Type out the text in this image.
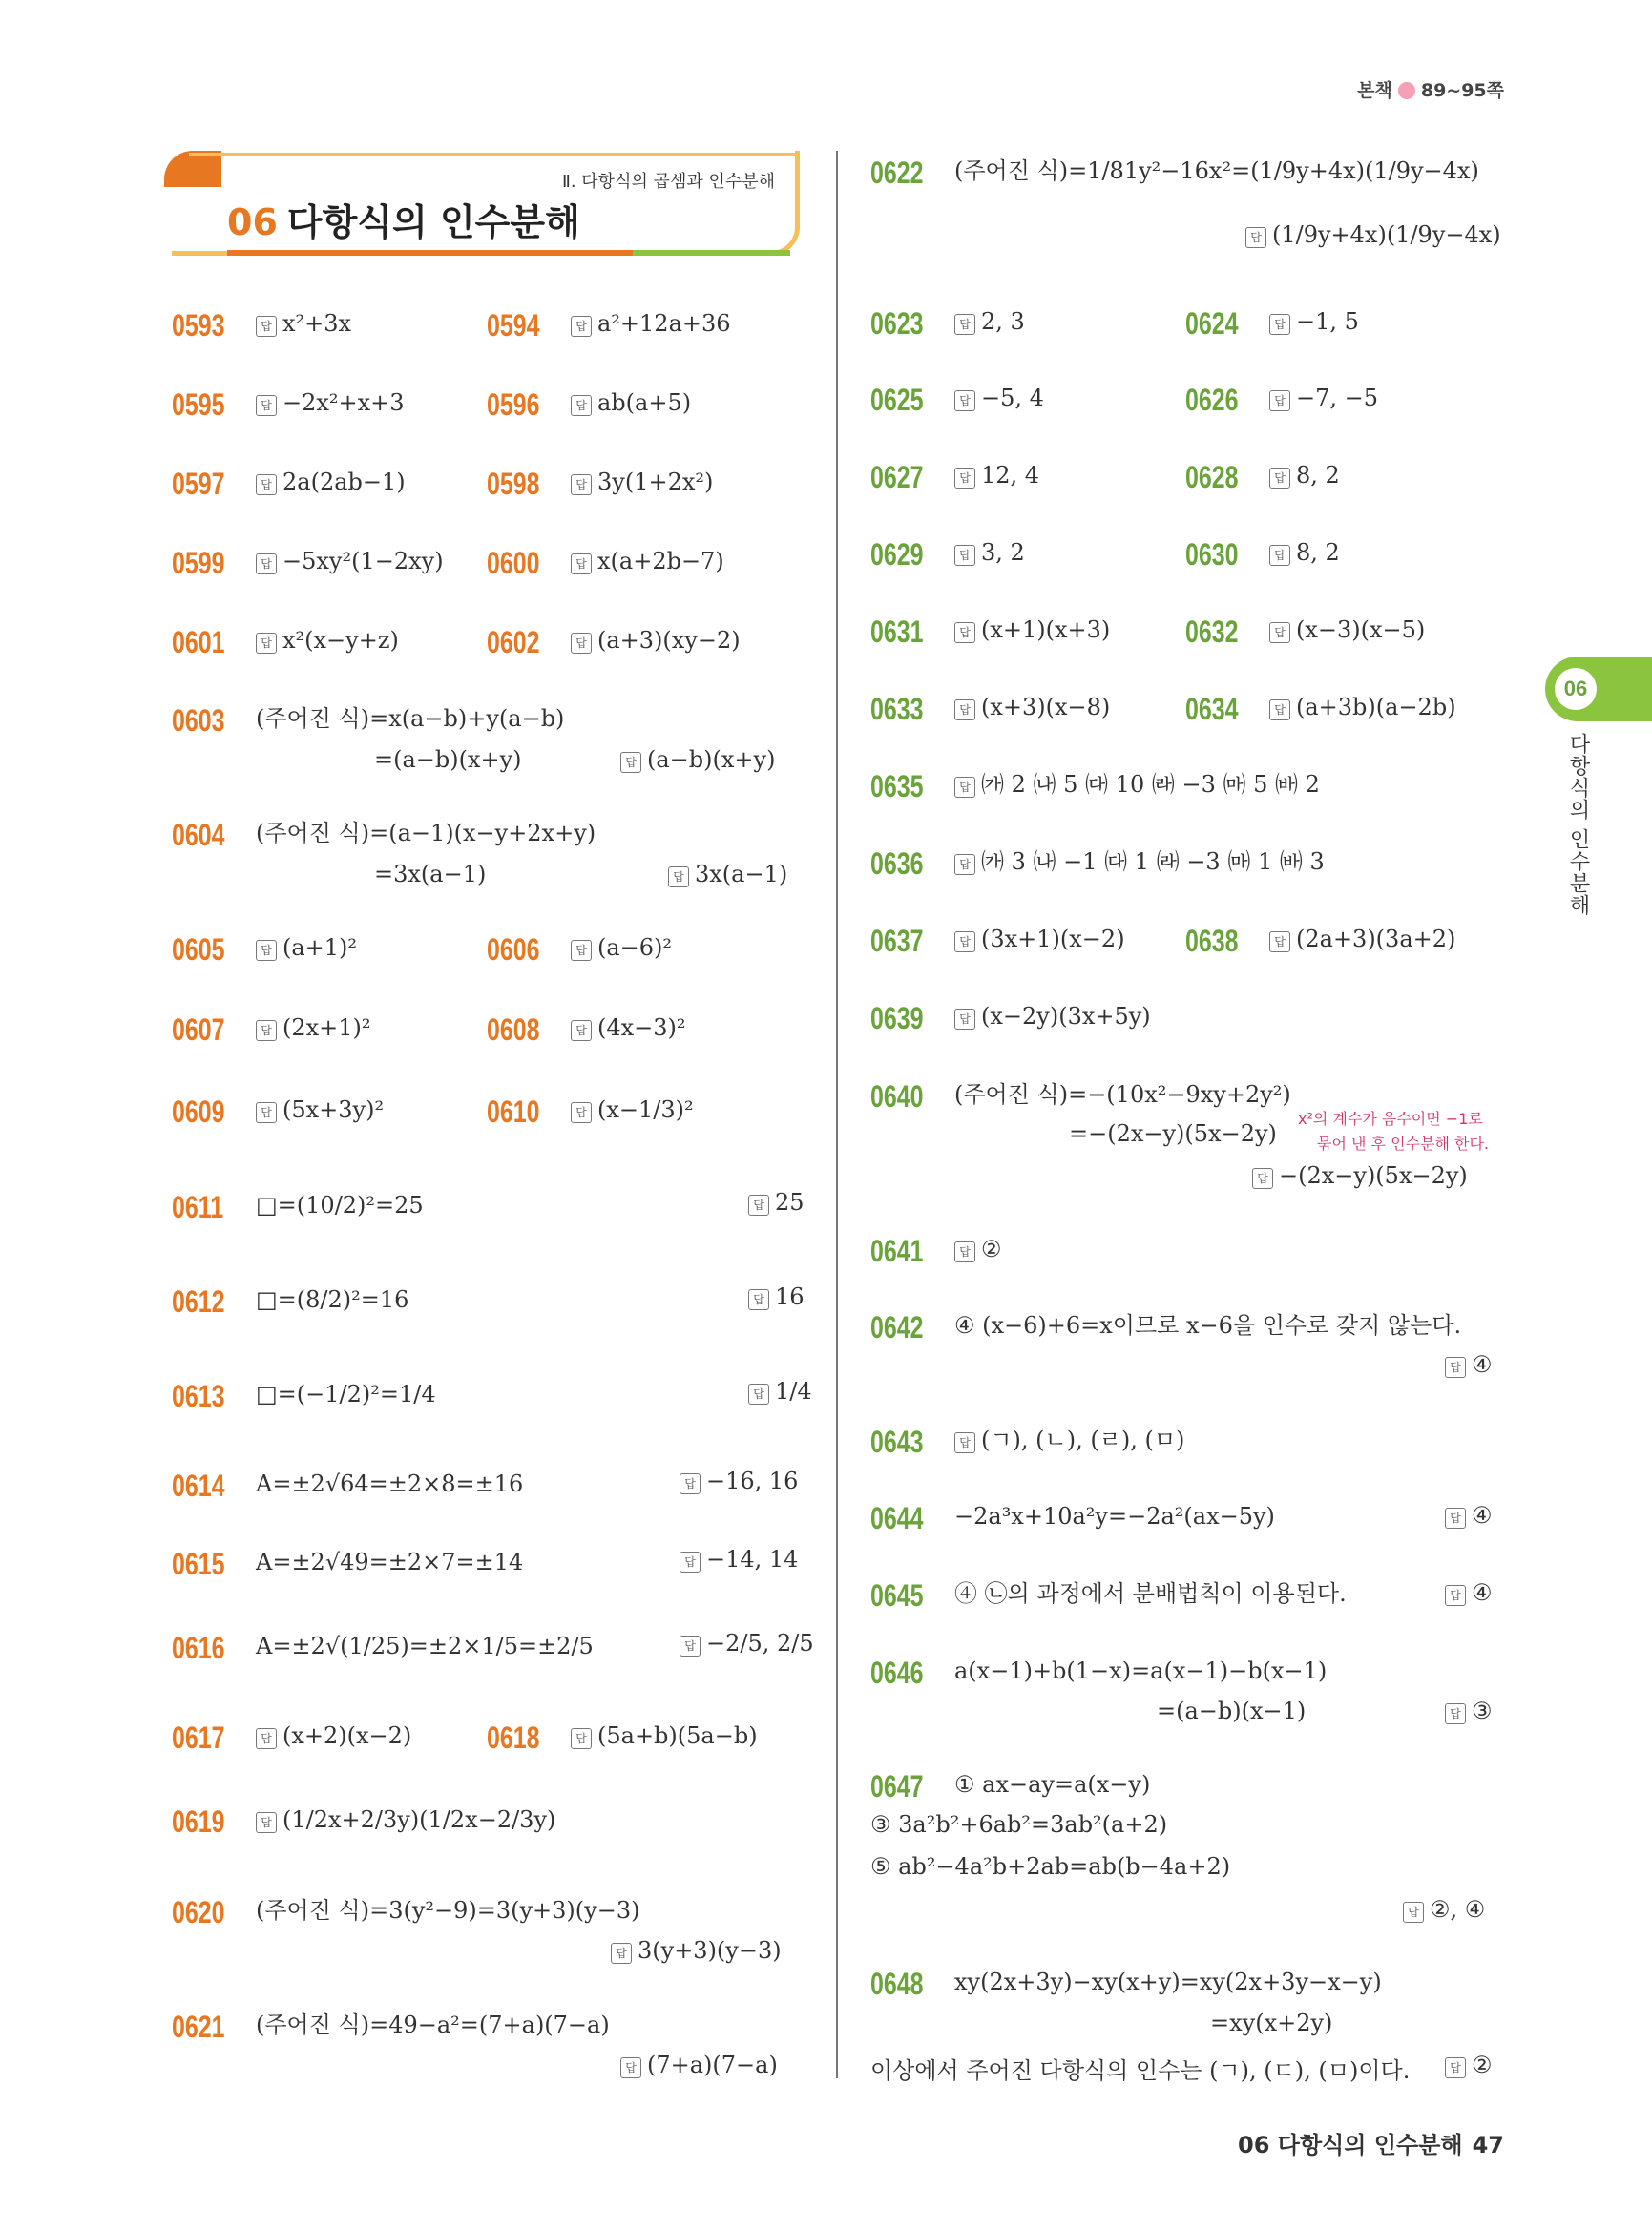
본책 89~95쪽
Ⅱ. 다항식의 곱셈과 인수분해
06 다항식의 인수분해
06
다항식의 인수분해
0593	답 x²+3x	0594	답 a²+12a+36
0595	답 −2x²+x+3	0596	답 ab(a+5)
0597	답 2a(2ab−1)	0598	답 3y(1+2x²)
0599	답 −5xy²(1−2xy) 0600	답 x(a+2b−7)
0601	답 x²(x−y+z)	0602	답 (a+3)(xy−2)
0603 (주어진 식)=x(a−b)+y(a−b)
=(a−b)(x+y)	답 (a−b)(x+y)
0604 (주어진 식)=(a−1)(x−y+2x+y)
=3x(a−1)	답 3x(a−1)
0605	답 (a+1)²	0606	답 (a−6)²
0607	답 (2x+1)²	0608	답 (4x−3)²
0609	답 (5x+3y)²	0610	답 (x−1/3)²
0611 □=(10/2)²=25	답 25
0612 □=(8/2)²=16	답 16
0613 □=(−1/2)²=1/4	답 1/4
0614 A=±2√64=±2×8=±16	답 −16, 16
0615 A=±2√49=±2×7=±14	답 −14, 14
0616 A=±2√(1/25)=±2×1/5=±2/5	답 −2/5, 2/5
0617	답 (x+2)(x−2) 0618	답 (5a+b)(5a−b)
0619	답 (1/2x+2/3y)(1/2x−2/3y)
0620 (주어진 식)=3(y²−9)=3(y+3)(y−3)
답 3(y+3)(y−3)
0621 (주어진 식)=49−a²=(7+a)(7−a)
답 (7+a)(7−a)
0622 (주어진 식)=1/81y²−16x²=(1/9y+4x)(1/9y−4x)
답 (1/9y+4x)(1/9y−4x)
0623	답 2, 3	0624	답 −1, 5
0625	답 −5, 4	0626	답 −7, −5
0627	답 12, 4	0628	답 8, 2
0629	답 3, 2	0630	답 8, 2
0631	답 (x+1)(x+3) 0632	답 (x−3)(x−5)
0633	답 (x+3)(x−8) 0634	답 (a+3b)(a−2b)
0635	답 ㈎ 2 ㈏ 5 ㈐ 10 ㈑ −3 ㈒ 5 ㈓ 2
0636	답 ㈎ 3 ㈏ −1 ㈐ 1 ㈑ −3 ㈒ 1 ㈓ 3
0637	답 (3x+1)(x−2) 0638	답 (2a+3)(3a+2)
0639	답 (x−2y)(3x+5y)
0640 (주어진 식)=−(10x²−9xy+2y²)
=−(2x−y)(5x−2y)
x²의 계수가 음수이면 −1로
묶어 낸 후 인수분해 한다.
답 −(2x−y)(5x−2y)
0641	답 ②
0642 ④ (x−6)+6=x이므로 x−6을 인수로 갖지 않는다.
답 ④
0643	답 (ㄱ), (ㄴ), (ㄹ), (ㅁ)
0644 −2a³x+10a²y=−2a²(ax−5y)	답 ④
0645 ④ ㉡의 과정에서 분배법칙이 이용된다.	답 ④
0646 a(x−1)+b(1−x)=a(x−1)−b(x−1)
=(a−b)(x−1)	답 ③
0647 ① ax−ay=a(x−y)
③ 3a²b²+6ab²=3ab²(a+2)
⑤ ab²−4a²b+2ab=ab(b−4a+2)
답 ②, ④
0648 xy(2x+3y)−xy(x+y)=xy(2x+3y−x−y)
=xy(x+2y)
이상에서 주어진 다항식의 인수는 (ㄱ), (ㄷ), (ㅁ)이다.	답 ②
06 다항식의 인수분해 47
